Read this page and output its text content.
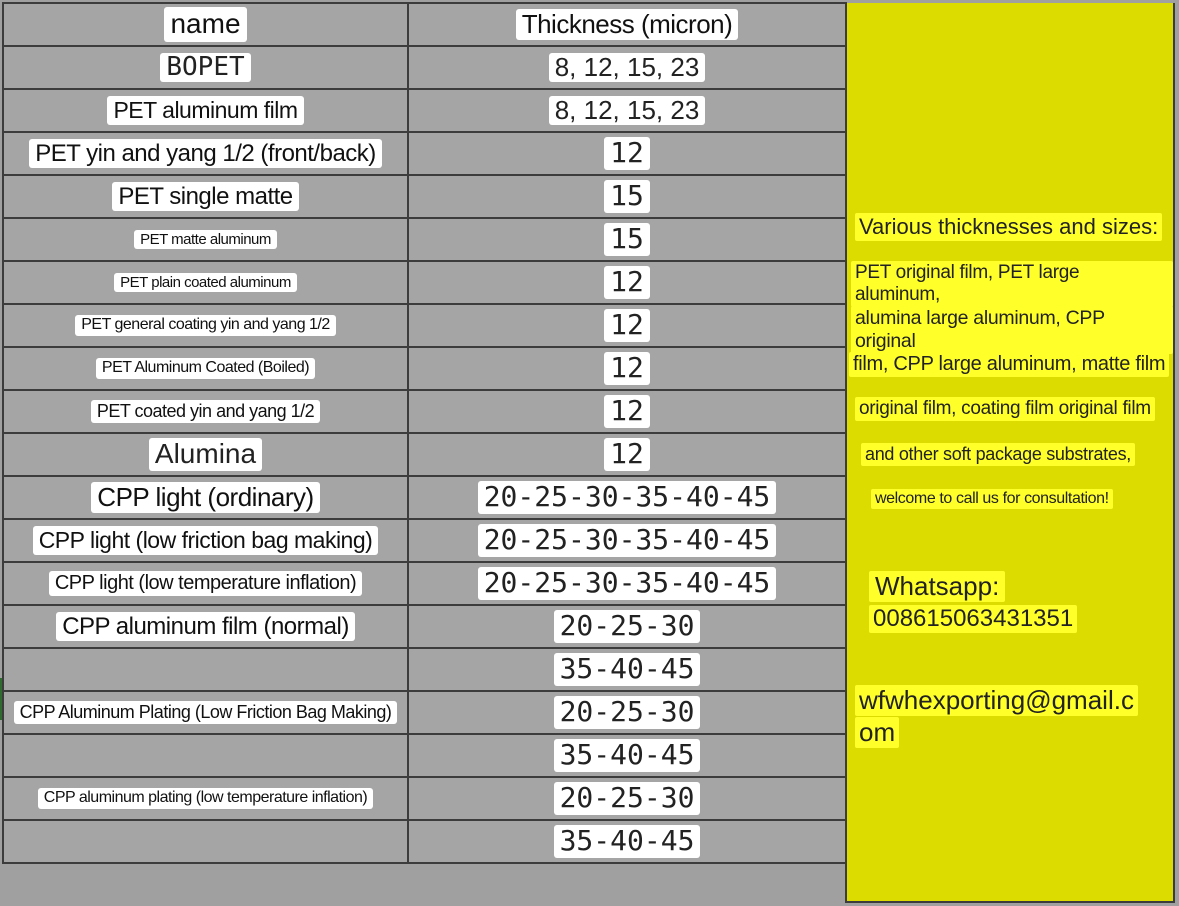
name	Thickness (micron)
BOPET	8, 12, 15, 23
PET aluminum film	8, 12, 15, 23
PET yin and yang 1/2 (front/back)	12
PET single matte	15
PET matte aluminum	15
PET plain coated aluminum	12
PET general coating yin and yang 1/2	12
PET Aluminum Coated (Boiled)	12
PET coated yin and yang 1/2	12
Alumina	12
CPP light (ordinary)	20-25-30-35-40-45
CPP light (low friction bag making)	20-25-30-35-40-45
CPP light (low temperature inflation)	20-25-30-35-40-45
CPP aluminum film (normal)	20-25-30
	35-40-45
CPP Aluminum Plating (Low Friction Bag Making)	20-25-30
	35-40-45
CPP aluminum plating (low temperature inflation)	20-25-30
	35-40-45
Various thicknesses and sizes:
PET original film, PET large aluminum,
alumina large aluminum, CPP original
film, CPP large aluminum, matte film
original film, coating film original film
and other soft package substrates,
welcome to call us for consultation!
Whatsapp:
008615063431351
wfwhexporting@gmail.c
om
